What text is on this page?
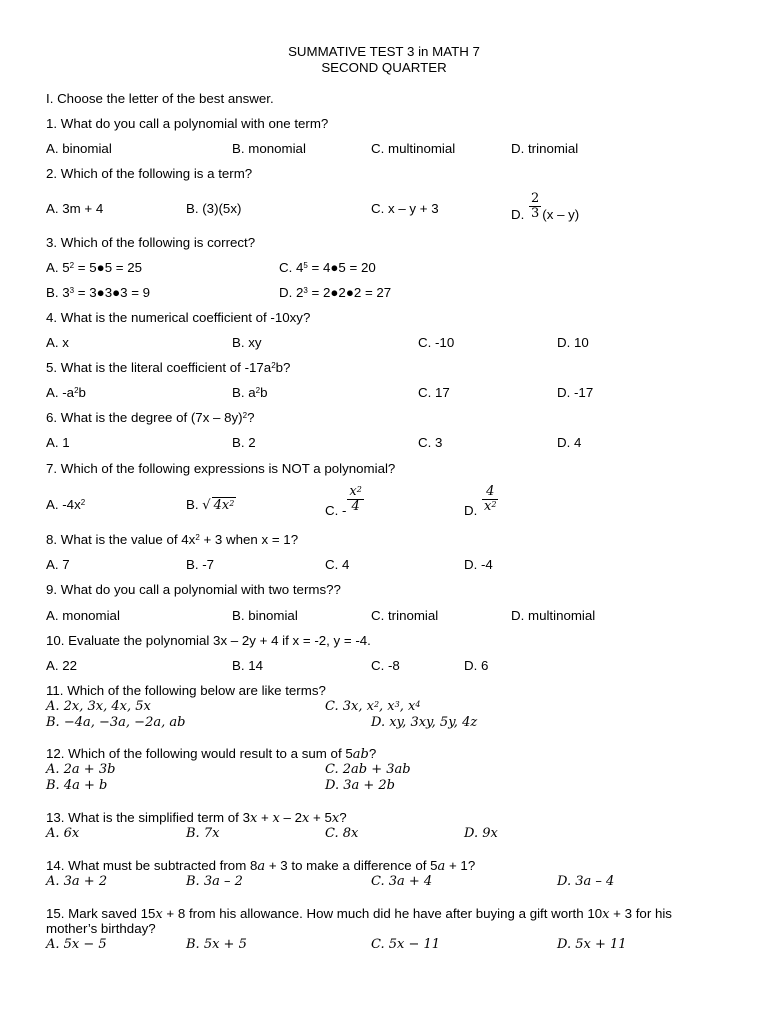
SUMMATIVE TEST 3 in MATH 7
SECOND QUARTER
I. Choose the letter of the best answer.
1. What do you call a polynomial with one term?
A. binomial	B. monomial	C. multinomial	D. trinomial
2. Which of the following is a term?
A. 3m + 4	B. (3)(5x)	C. x – y + 3	D. $\frac{2}{3} (x - y)$
3. Which of the following is correct?
A. $5^2$ = 5●5 = 25	C. $4^5$ = 4●5 = 20
B. $3^3$ = 3●3●3 = 9	D. $2^3$ = 2●2●2 = 27
4. What is the numerical coefficient of -10xy?
A. x	B. xy	C. -10	D. 10
5. What is the literal coefficient of $-17a^2b$?
A. $-a^2b$	B. $a^2b$	C. 17	D. -17
6. What is the degree of (7x – 8y)$^2$?
A. 1	B. 2	C. 3	D. 4
7. Which of the following expressions is NOT a polynomial?
A. $-4x^2$	B. √ $4x^2$	C. - $\frac{x^2}{4}$	D. $\frac{4}{x^2}$
8. What is the value of $4x^2 + 3$ when x = 1?
A. 7	B. -7	C. 4	D. -4
9. What do you call a polynomial with two terms??
A. monomial	B. binomial	C. trinomial	D. multinomial
10. Evaluate the polynomial 3x – 2y + 4 if x = -2, y = -4.
A. 22	B. 14	C. -8	D. 6
11. Which of the following below are like terms?
A. 2x, 3x, 4x, 5x	C. 3x, $x^2$, $x^3$, $x^4$
B. −4a, −3a, −2a, ab	D. xy, 3xy, 5y, 4z
12. Which of the following would result to a sum of 5ab?
A. 2a + 3b	C. 2ab + 3ab
B. 4a + b	D. 3a + 2b
13. What is the simplified term of 3x + x – 2x + 5x?
A. 6x	B. 7x	C. 8x	D. 9x
14. What must be subtracted from 8a + 3 to make a difference of 5a + 1?
A. 3a + 2	B. 3a – 2	C. 3a + 4	D. 3a – 4
15. Mark saved 15x + 8 from his allowance. How much did he have after buying a gift worth 10x + 3 for his
mother’s birthday?
A. 5x − 5	B. 5x + 5	C. 5x − 11	D. 5x + 11
